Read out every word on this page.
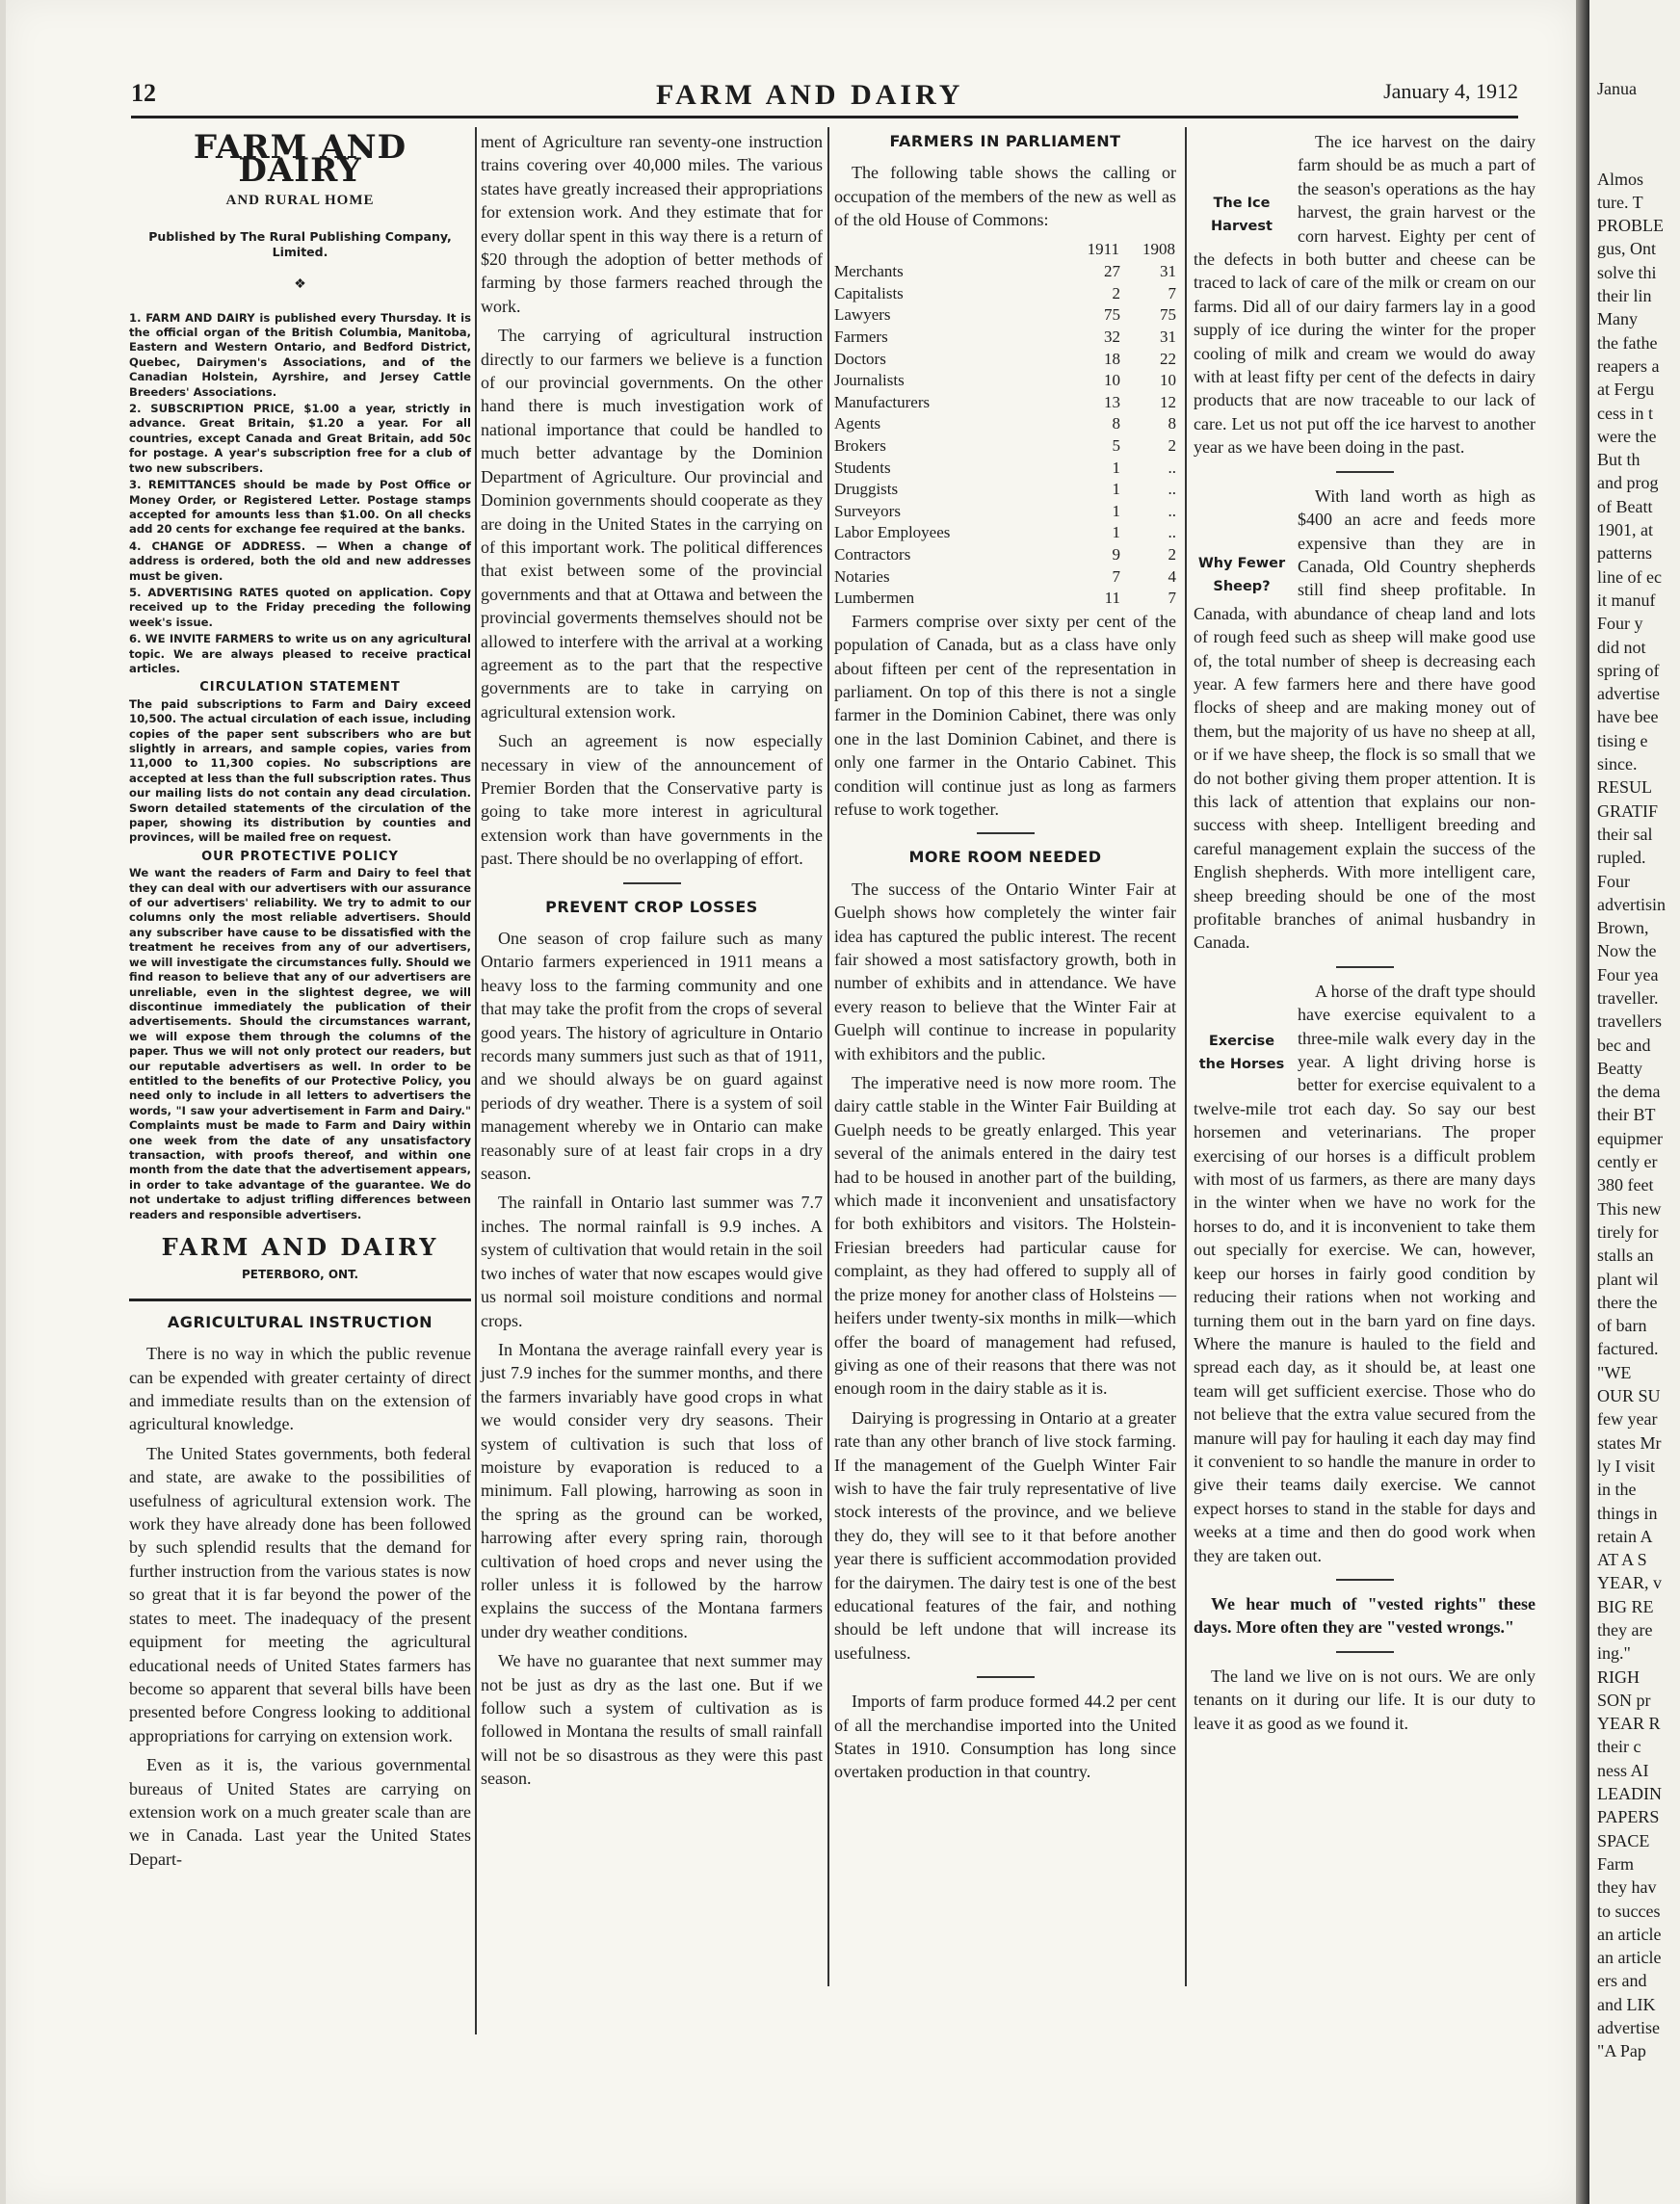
12	FARM AND DAIRY	January 4, 1912
FARM AND DAIRY
AND RURAL HOME
Published by The Rural Publishing Company, Limited.
❖

1. FARM AND DAIRY is published every Thursday. It is the official organ of the British Columbia, Manitoba, Eastern and Western Ontario, and Bedford District, Quebec, Dairymen's Associations, and of the Canadian Holstein, Ayrshire, and Jersey Cattle Breeders' Associations.

2. SUBSCRIPTION PRICE, $1.00 a year, strictly in advance. Great Britain, $1.20 a year. For all countries, except Canada and Great Britain, add 50c for postage. A year's subscription free for a club of two new subscribers.

3. REMITTANCES should be made by Post Office or Money Order, or Registered Letter. Postage stamps accepted for amounts less than $1.00. On all checks add 20 cents for exchange fee required at the banks.

4. CHANGE OF ADDRESS. — When a change of address is ordered, both the old and new addresses must be given.

5. ADVERTISING RATES quoted on application. Copy received up to the Friday preceding the following week's issue.

6. WE INVITE FARMERS to write us on any agricultural topic. We are always pleased to receive practical articles.

CIRCULATION STATEMENT

The paid subscriptions to Farm and Dairy exceed 10,500. The actual circulation of each issue, including copies of the paper sent subscribers who are but slightly in arrears, and sample copies, varies from 11,000 to 11,300 copies. No subscriptions are accepted at less than the full subscription rates. Thus our mailing lists do not contain any dead circulation. Sworn detailed statements of the circulation of the paper, showing its distribution by counties and provinces, will be mailed free on request.

OUR PROTECTIVE POLICY

We want the readers of Farm and Dairy to feel that they can deal with our advertisers with our assurance of our advertisers' reliability. We try to admit to our columns only the most reliable advertisers. Should any subscriber have cause to be dissatisfied with the treatment he receives from any of our advertisers, we will investigate the circumstances fully. Should we find reason to believe that any of our advertisers are unreliable, even in the slightest degree, we will discontinue immediately the publication of their advertisements. Should the circumstances warrant, we will expose them through the columns of the paper. Thus we will not only protect our readers, but our reputable advertisers as well. In order to be entitled to the benefits of our Protective Policy, you need only to include in all letters to advertisers the words, "I saw your advertisement in Farm and Dairy." Complaints must be made to Farm and Dairy within one week from the date of any unsatisfactory transaction, with proofs thereof, and within one month from the date that the advertisement appears, in order to take advantage of the guarantee. We do not undertake to adjust trifling differences between readers and responsible advertisers.

FARM AND DAIRY
PETERBORO, ONT.
AGRICULTURAL INSTRUCTION

There is no way in which the public revenue can be expended with greater certainty of direct and immediate results than on the extension of agricultural knowledge.

The United States governments, both federal and state, are awake to the possibilities of usefulness of agricultural extension work. The work they have already done has been followed by such splendid results that the demand for further instruction from the various states is now so great that it is far beyond the power of the states to meet. The inadequacy of the present equipment for meeting the agricultural educational needs of United States farmers has become so apparent that several bills have been presented before Congress looking to additional appropriations for carrying on extension work.

Even as it is, the various governmental bureaus of United States are carrying on extension work on a much greater scale than are we in Canada. Last year the United States Depart-

ment of Agriculture ran seventy-one instruction trains covering over 40,000 miles. The various states have greatly increased their appropriations for extension work. And they estimate that for every dollar spent in this way there is a return of $20 through the adoption of better methods of farming by those farmers reached through the work.

The carrying of agricultural instruction directly to our farmers we believe is a function of our provincial governments. On the other hand there is much investigation work of national importance that could be handled to much better advantage by the Dominion Department of Agriculture. Our provincial and Dominion governments should cooperate as they are doing in the United States in the carrying on of this important work. The political differences that exist between some of the provincial governments and that at Ottawa and between the provincial goverments themselves should not be allowed to interfere with the arrival at a working agreement as to the part that the respective governments are to take in carrying on agricultural extension work.

Such an agreement is now especially necessary in view of the announcement of Premier Borden that the Conservative party is going to take more interest in agricultural extension work than have governments in the past. There should be no overlapping of effort.

PREVENT CROP LOSSES

One season of crop failure such as many Ontario farmers experienced in 1911 means a heavy loss to the farming community and one that may take the profit from the crops of several good years. The history of agriculture in Ontario records many summers just such as that of 1911, and we should always be on guard against periods of dry weather. There is a system of soil management whereby we in Ontario can make reasonably sure of at least fair crops in a dry season.

The rainfall in Ontario last summer was 7.7 inches. The normal rainfall is 9.9 inches. A system of cultivation that would retain in the soil two inches of water that now escapes would give us normal soil moisture conditions and normal crops.

In Montana the average rainfall every year is just 7.9 inches for the summer months, and there the farmers invariably have good crops in what we would consider very dry seasons. Their system of cultivation is such that loss of moisture by evaporation is reduced to a minimum. Fall plowing, harrowing as soon in the spring as the ground can be worked, harrowing after every spring rain, thorough cultivation of hoed crops and never using the roller unless it is followed by the harrow explains the success of the Montana farmers under dry weather conditions.

We have no guarantee that next summer may not be just as dry as the last one. But if we follow such a system of cultivation as is followed in Montana the results of small rainfall will not be so disastrous as they were this past season.

FARMERS IN PARLIAMENT

The following table shows the calling or occupation of the members of the new as well as of the old House of Commons:

	1911	1908
Merchants	27	31
Capitalists	2	7
Lawyers	75	75
Farmers	32	31
Doctors	18	22
Journalists	10	10
Manufacturers	13	12
Agents	8	8
Brokers	5	2
Students	1	..
Druggists	1	..
Surveyors	1	..
Labor Employees	1	..
Contractors	9	2
Notaries	7	4
Lumbermen	11	7

Farmers comprise over sixty per cent of the population of Canada, but as a class have only about fifteen per cent of the representation in parliament. On top of this there is not a single farmer in the Dominion Cabinet, there was only one in the last Dominion Cabinet, and there is only one farmer in the Ontario Cabinet. This condition will continue just as long as farmers refuse to work together.

MORE ROOM NEEDED

The success of the Ontario Winter Fair at Guelph shows how completely the winter fair idea has captured the public interest. The recent fair showed a most satisfactory growth, both in number of exhibits and in attendance. We have every reason to believe that the Winter Fair at Guelph will continue to increase in popularity with exhibitors and the public.

The imperative need is now more room. The dairy cattle stable in the Winter Fair Building at Guelph needs to be greatly enlarged. This year several of the animals entered in the dairy test had to be housed in another part of the building, which made it inconvenient and unsatisfactory for both exhibitors and visitors. The Holstein-Friesian breeders had particular cause for complaint, as they had offered to supply all of the prize money for another class of Holsteins — heifers under twenty-six months in milk—which offer the board of management had refused, giving as one of their reasons that there was not enough room in the dairy stable as it is.

Dairying is progressing in Ontario at a greater rate than any other branch of live stock farming. If the management of the Guelph Winter Fair wish to have the fair truly representative of live stock interests of the province, and we believe they do, they will see to it that before another year there is sufficient accommodation provided for the dairymen. The dairy test is one of the best educational features of the fair, and nothing should be left undone that will increase its usefulness.

Imports of farm produce formed 44.2 per cent of all the merchandise imported into the United States in 1910. Consumption has long since overtaken production in that country.

The Ice Harvest

The ice harvest on the dairy farm should be as much a part of the season's operations as the hay harvest, the grain harvest or the corn harvest. Eighty per cent of the defects in both butter and cheese can be traced to lack of care of the milk or cream on our farms. Did all of our dairy farmers lay in a good supply of ice during the winter for the proper cooling of milk and cream we would do away with at least fifty per cent of the defects in dairy products that are now traceable to our lack of care. Let us not put off the ice harvest to another year as we have been doing in the past.

Why Fewer Sheep?

With land worth as high as $400 an acre and feeds more expensive than they are in Canada, Old Country shepherds still find sheep profitable. In Canada, with abundance of cheap land and lots of rough feed such as sheep will make good use of, the total number of sheep is decreasing each year. A few farmers here and there have good flocks of sheep and are making money out of them, but the majority of us have no sheep at all, or if we have sheep, the flock is so small that we do not bother giving them proper attention. It is this lack of attention that explains our non-success with sheep. Intelligent breeding and careful management explain the success of the English shepherds. With more intelligent care, sheep breeding should be one of the most profitable branches of animal husbandry in Canada.

Exercise the Horses

A horse of the draft type should have exercise equivalent to a three-mile walk every day in the year. A light driving horse is better for exercise equivalent to a twelve-mile trot each day. So say our best horsemen and veterinarians. The proper exercising of our horses is a difficult problem with most of us farmers, as there are many days in the winter when we have no work for the horses to do, and it is inconvenient to take them out specially for exercise. We can, however, keep our horses in fairly good condition by reducing their rations when not working and turning them out in the barn yard on fine days. Where the manure is hauled to the field and spread each day, as it should be, at least one team will get sufficient exercise. Those who do not believe that the extra value secured from the manure will pay for hauling it each day may find it convenient to so handle the manure in order to give their teams daily exercise. We cannot expect horses to stand in the stable for days and weeks at a time and then do good work when they are taken out.

We hear much of "vested rights" these days. More often they are "vested wrongs."

The land we live on is not ours. We are only tenants on it during our life. It is our duty to leave it as good as we found it.

Janua

Almos

ture. T

PROBLE

gus, Ont

solve thi

their lin

Many

the fathe

reapers a

at Fergu

cess in t

were the

But th

and prog

of Beatt

1901, at

patterns

line of ec

it manuf

Four y

did not

spring of

advertise

have bee

tising e

since.

RESUL

GRATIF

their sal

rupled.

Four

advertisin

Brown,

Now the

Four yea

traveller.

travellers

bec and

Beatty

the dema

their BT

equipmer

cently er

380 feet

This new

tirely for

stalls an

plant wil

there the

of barn

factured.

"WE

OUR SU

few year

states Mr

ly I visit

in the

things in

retain A

AT A S

YEAR, v

BIG RE

they are

ing."

RIGH

SON pr

YEAR R

their c

ness AI

LEADIN

PAPERS

SPACE

Farm

they hav

to succes

an article

an article

ers and

and LIK

advertise

"A Pap
